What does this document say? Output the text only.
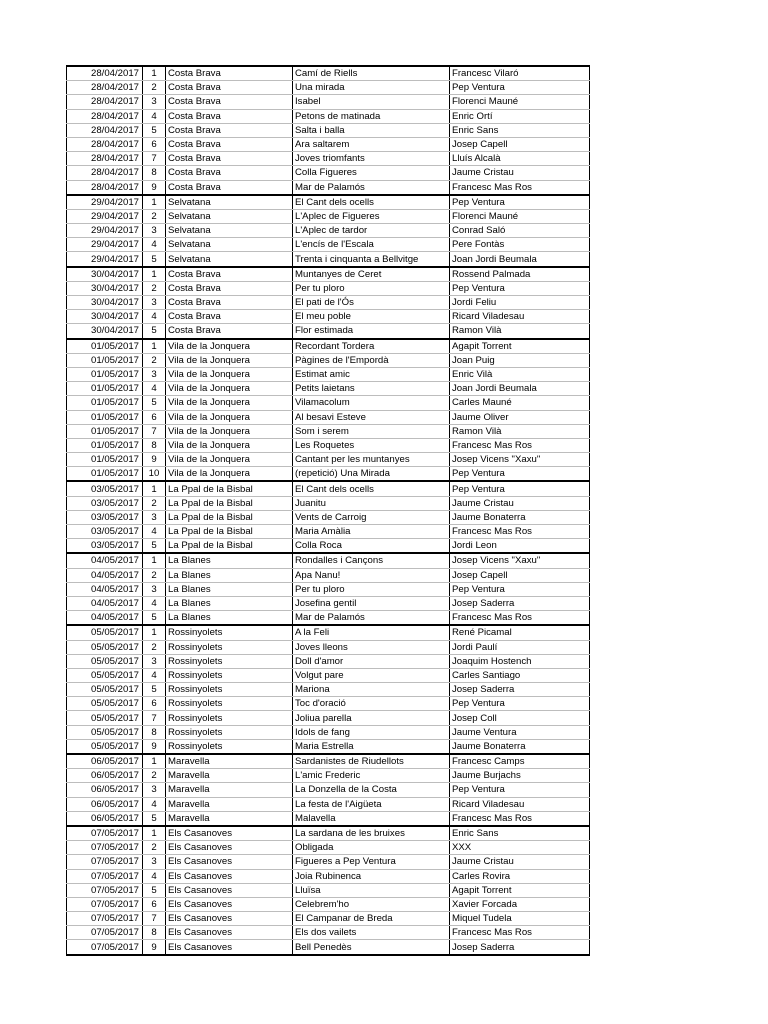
28/04/2017	1	Costa Brava	Camí de Riells	Francesc Vilaró
28/04/2017	2	Costa Brava	Una mirada	Pep Ventura
28/04/2017	3	Costa Brava	Isabel	Florenci Mauné
28/04/2017	4	Costa Brava	Petons de matinada	Enric Ortí
28/04/2017	5	Costa Brava	Salta i balla	Enric Sans
28/04/2017	6	Costa Brava	Ara saltarem	Josep Capell
28/04/2017	7	Costa Brava	Joves triomfants	Lluís Alcalà
28/04/2017	8	Costa Brava	Colla Figueres	Jaume Cristau
28/04/2017	9	Costa Brava	Mar de Palamós	Francesc Mas Ros
29/04/2017	1	Selvatana	El Cant dels ocells	Pep Ventura
29/04/2017	2	Selvatana	L'Aplec de Figueres	Florenci Mauné
29/04/2017	3	Selvatana	L'Aplec de tardor	Conrad Saló
29/04/2017	4	Selvatana	L'encís de l'Escala	Pere Fontàs
29/04/2017	5	Selvatana	Trenta i cinquanta a Bellvitge	Joan Jordi Beumala
30/04/2017	1	Costa Brava	Muntanyes de Ceret	Rossend Palmada
30/04/2017	2	Costa Brava	Per tu ploro	Pep Ventura
30/04/2017	3	Costa Brava	El pati de l'Ós	Jordi Feliu
30/04/2017	4	Costa Brava	El meu poble	Ricard Viladesau
30/04/2017	5	Costa Brava	Flor estimada	Ramon Vilà
01/05/2017	1	Vila de la Jonquera	Recordant Tordera	Agapit Torrent
01/05/2017	2	Vila de la Jonquera	Pàgines de l'Empordà	Joan Puig
01/05/2017	3	Vila de la Jonquera	Estimat amic	Enric Vilà
01/05/2017	4	Vila de la Jonquera	Petits laietans	Joan Jordi Beumala
01/05/2017	5	Vila de la Jonquera	Vilamacolum	Carles Mauné
01/05/2017	6	Vila de la Jonquera	Al besavi Esteve	Jaume Oliver
01/05/2017	7	Vila de la Jonquera	Som i serem	Ramon Vilà
01/05/2017	8	Vila de la Jonquera	Les Roquetes	Francesc Mas Ros
01/05/2017	9	Vila de la Jonquera	Cantant per les muntanyes	Josep Vicens "Xaxu"
01/05/2017	10	Vila de la Jonquera	(repetició) Una Mirada	Pep Ventura
03/05/2017	1	La Ppal de la Bisbal	El Cant dels ocells	Pep Ventura
03/05/2017	2	La Ppal de la Bisbal	Juanitu	Jaume Cristau
03/05/2017	3	La Ppal de la Bisbal	Vents de Carroig	Jaume Bonaterra
03/05/2017	4	La Ppal de la Bisbal	Maria Amàlia	Francesc Mas Ros
03/05/2017	5	La Ppal de la Bisbal	Colla Roca	Jordi Leon
04/05/2017	1	La Blanes	Rondalles i Cançons	Josep Vicens "Xaxu"
04/05/2017	2	La Blanes	Apa Nanu!	Josep Capell
04/05/2017	3	La Blanes	Per tu ploro	Pep Ventura
04/05/2017	4	La Blanes	Josefina gentil	Josep Saderra
04/05/2017	5	La Blanes	Mar de Palamós	Francesc Mas Ros
05/05/2017	1	Rossinyolets	A la Feli	René Picamal
05/05/2017	2	Rossinyolets	Joves lleons	Jordi Paulí
05/05/2017	3	Rossinyolets	Doll d'amor	Joaquim Hostench
05/05/2017	4	Rossinyolets	Volgut pare	Carles Santiago
05/05/2017	5	Rossinyolets	Mariona	Josep Saderra
05/05/2017	6	Rossinyolets	Toc d'oració	Pep Ventura
05/05/2017	7	Rossinyolets	Joliua parella	Josep Coll
05/05/2017	8	Rossinyolets	Idols de fang	Jaume Ventura
05/05/2017	9	Rossinyolets	Maria Estrella	Jaume Bonaterra
06/05/2017	1	Maravella	Sardanistes de Riudellots	Francesc Camps
06/05/2017	2	Maravella	L'amic Frederic	Jaume Burjachs
06/05/2017	3	Maravella	La Donzella de la Costa	Pep Ventura
06/05/2017	4	Maravella	La festa de l'Aigüeta	Ricard Viladesau
06/05/2017	5	Maravella	Malavella	Francesc Mas Ros
07/05/2017	1	Els Casanoves	La sardana de les bruixes	Enric Sans
07/05/2017	2	Els Casanoves	Obligada	XXX
07/05/2017	3	Els Casanoves	Figueres a Pep Ventura	Jaume Cristau
07/05/2017	4	Els Casanoves	Joia Rubinenca	Carles Rovira
07/05/2017	5	Els Casanoves	Lluïsa	Agapit Torrent
07/05/2017	6	Els Casanoves	Celebrem'ho	Xavier Forcada
07/05/2017	7	Els Casanoves	El Campanar de Breda	Miquel Tudela
07/05/2017	8	Els Casanoves	Els dos vailets	Francesc Mas Ros
07/05/2017	9	Els Casanoves	Bell Penedès	Josep Saderra
